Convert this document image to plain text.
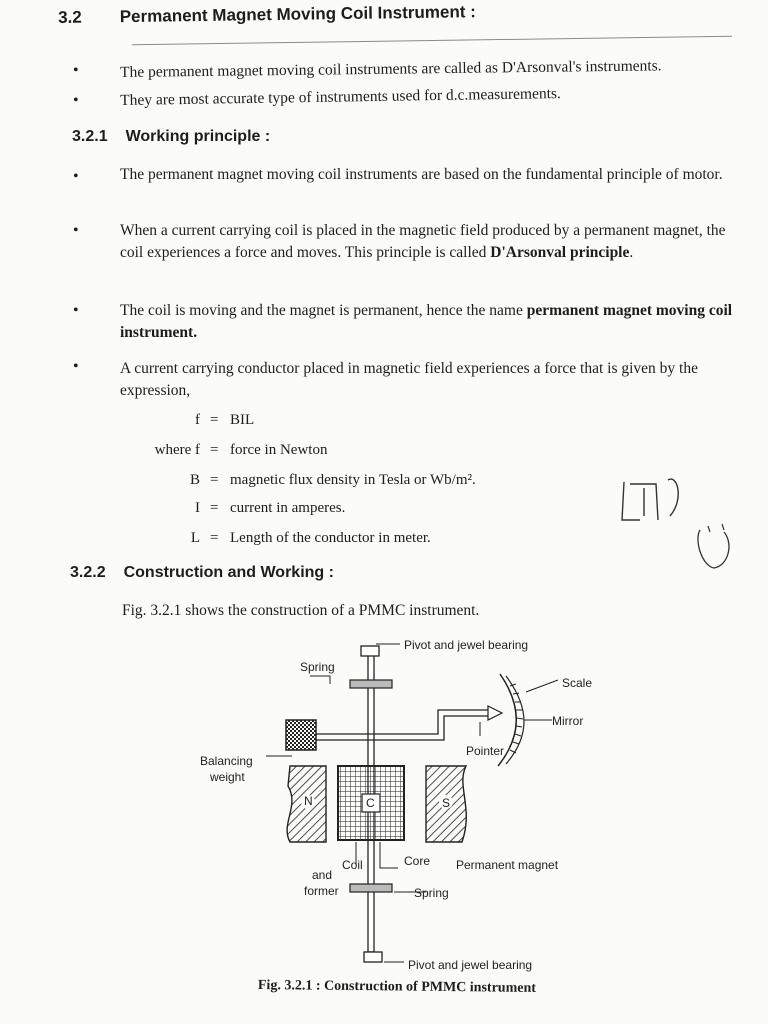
3.2 Permanent Magnet Moving Coil Instrument :
•	The permanent magnet moving coil instruments are called as D'Arsonval's instruments.
•	They are most accurate type of instruments used for d.c.measurements.
3.2.1 Working principle :
•	The permanent magnet moving coil instruments are based on the fundamental principle of motor.
•	When a current carrying coil is placed in the magnetic field produced by a permanent magnet, the coil experiences a force and moves. This principle is called D'Arsonval principle.
•	The coil is moving and the magnet is permanent, hence the name permanent magnet moving coil instrument.
•	A current carrying conductor placed in magnetic field experiences a force that is given by the expression,
f = BIL
where f = force in Newton
B = magnetic flux density in Tesla or Wb/m².
I = current in amperes.
L = Length of the conductor in meter.
3.2.2 Construction and Working :
Fig. 3.2.1 shows the construction of a PMMC instrument.
Pivot and jewel bearing
Spring
Scale
Mirror
Pointer
Balancing
weight
N	C	S
Coil
and
former
Core Permanent magnet
Spring
Pivot and jewel bearing
Fig. 3.2.1 : Construction of PMMC instrument
